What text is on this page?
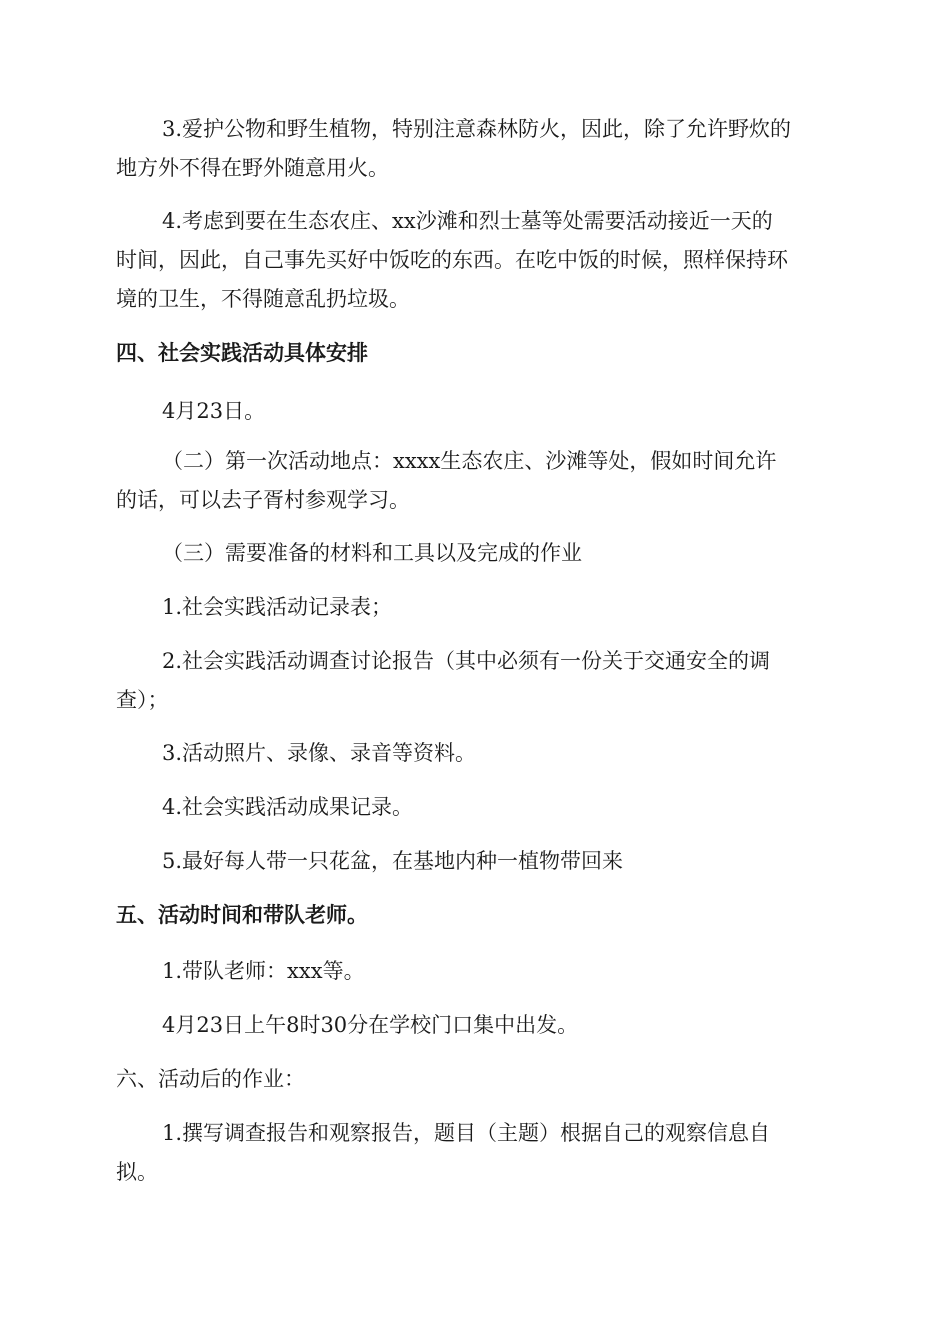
3.爱护公物和野生植物，特别注意森林防火，因此，除了允许野炊的
地方外不得在野外随意用火。
4.考虑到要在生态农庄、xx沙滩和烈士墓等处需要活动接近一天的
时间，因此，自己事先买好中饭吃的东西。在吃中饭的时候，照样保持环
境的卫生，不得随意乱扔垃圾。
四、社会实践活动具体安排
4月23日。
（二）第一次活动地点：xxxx生态农庄、沙滩等处，假如时间允许
的话，可以去子胥村参观学习。
（三）需要准备的材料和工具以及完成的作业
1.社会实践活动记录表；
2.社会实践活动调查讨论报告（其中必须有一份关于交通安全的调
查）；
3.活动照片、录像、录音等资料。
4.社会实践活动成果记录。
5.最好每人带一只花盆，在基地内种一植物带回来
五、活动时间和带队老师。
1.带队老师：xxx等。
4月23日上午8时30分在学校门口集中出发。
六、活动后的作业：
1.撰写调查报告和观察报告，题目（主题）根据自己的观察信息自
拟。
